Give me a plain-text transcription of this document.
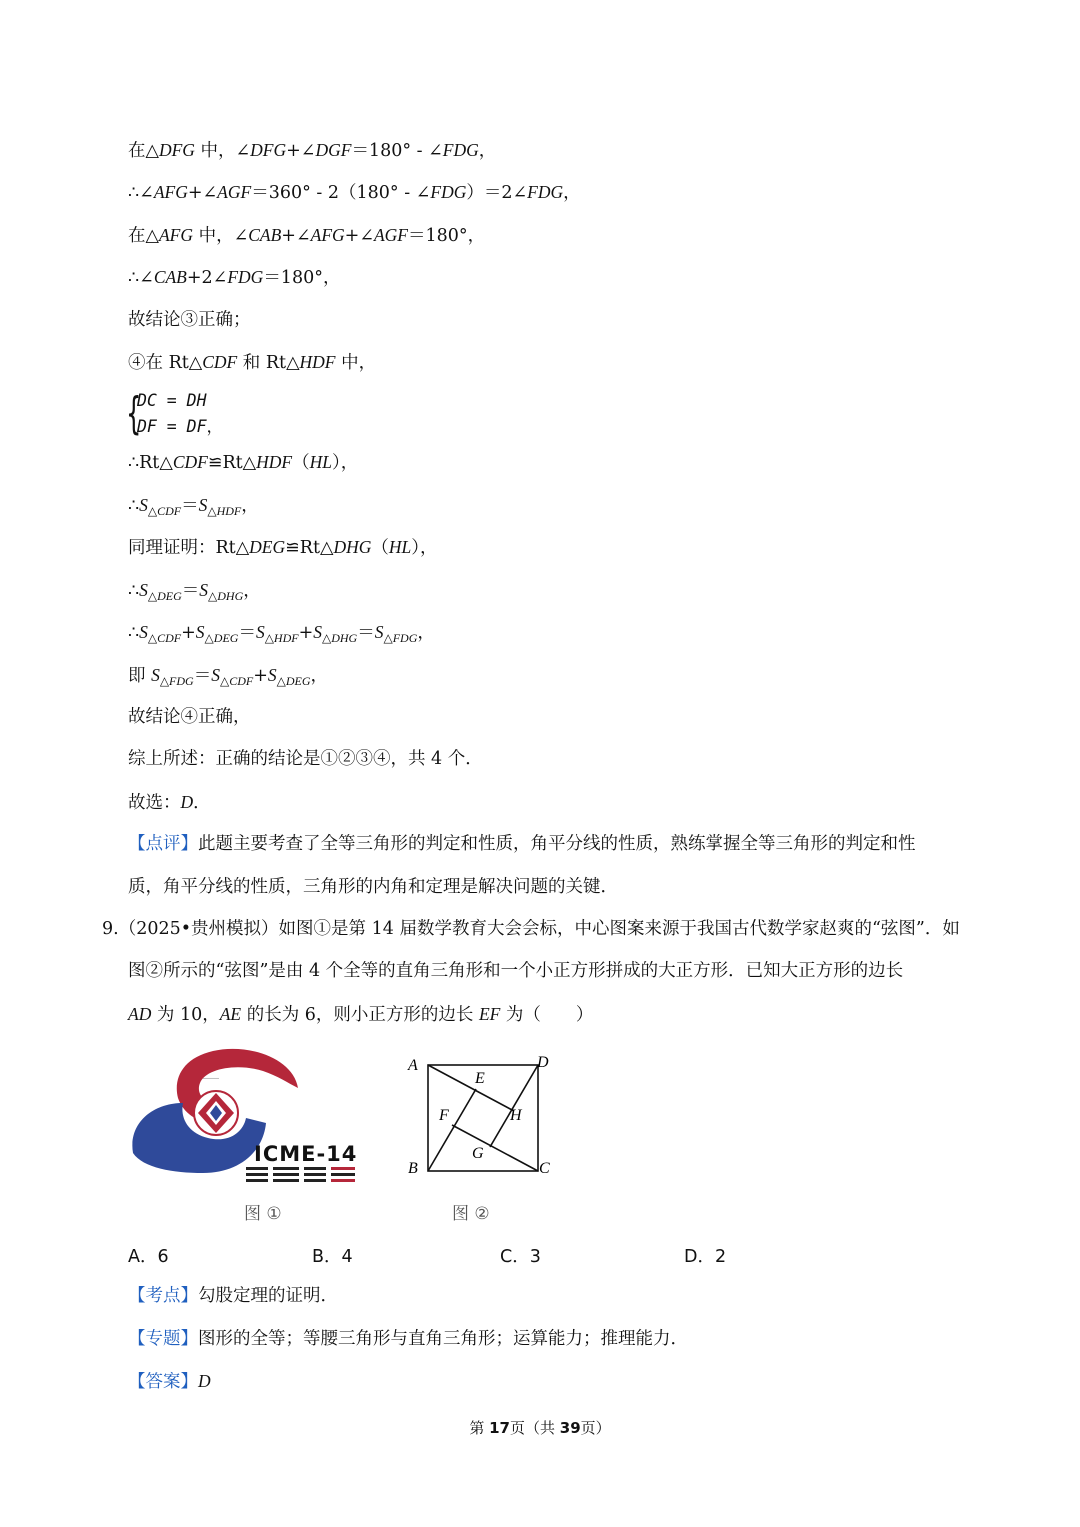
在△DFG 中，∠DFG+∠DGF＝180° - ∠FDG，
∴∠AFG+∠AGF＝360° - 2（180° - ∠FDG）＝2∠FDG，
在△AFG 中，∠CAB+∠AFG+∠AGF＝180°，
∴∠CAB+2∠FDG＝180°，
故结论③正确；
④在 Rt△CDF 和 Rt△HDF 中，
{
DC = DH
DF = DF，
∴Rt△CDF≌Rt△HDF（HL），
$\therefore S_{\triangle CDF}=S_{\triangle HDF}$，
同理证明：Rt△DEG≌Rt△DHG（HL），
$\therefore S_{\triangle DEG}=S_{\triangle DHG}$，
$\therefore S_{\triangle CDF}+S_{\triangle DEG}=S_{\triangle HDF}+S_{\triangle DHG}=S_{\triangle FDG}$，
即 $S_{\triangle FDG}=S_{\triangle CDF}+S_{\triangle DEG}$，
故结论④正确，
综上所述：正确的结论是①②③④，共 4 个．
故选：D．
【点评】此题主要考查了全等三角形的判定和性质，角平分线的性质，熟练掌握全等三角形的判定和性
质，角平分线的性质，三角形的内角和定理是解决问题的关键．
9.（2025•贵州模拟）如图①是第 14 届数学教育大会会标，中心图案来源于我国古代数学家赵爽的“弦图”．如
图②所示的“弦图”是由 4 个全等的直角三角形和一个小正方形拼成的大正方形．已知大正方形的边长
AD 为 10，AE 的长为 6，则小正方形的边长 EF 为（　　）
∙∙∙∙∙∙∙∙
ICME-14
图 ①
A	D
B	C
E
F	H
G
图 ②
A．6	B．4	C．3	D．2
【考点】勾股定理的证明．
【专题】图形的全等；等腰三角形与直角三角形；运算能力；推理能力．
【答案】D
第 17页（共 39页）
